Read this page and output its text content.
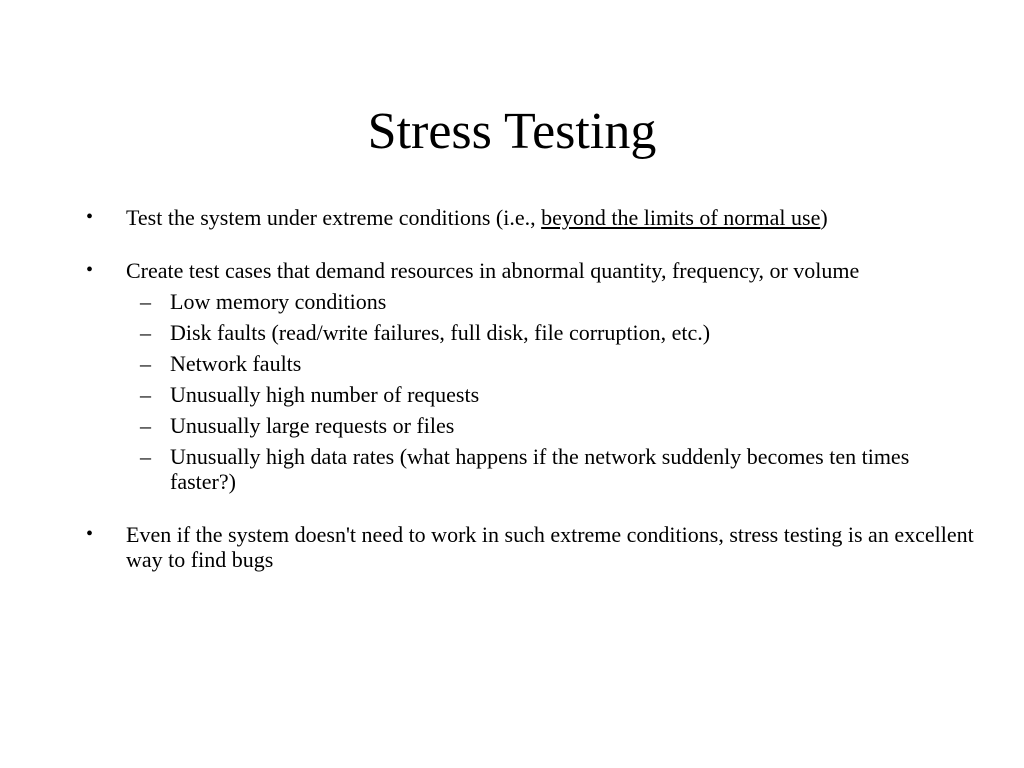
Stress Testing
• Test the system under extreme conditions (i.e., beyond the limits of normal use)
• Create test cases that demand resources in abnormal quantity, frequency, or volume
– Low memory conditions
– Disk faults (read/write failures, full disk, file corruption, etc.)
– Network faults
– Unusually high number of requests
– Unusually large requests or files
– Unusually high data rates (what happens if the network suddenly becomes ten times faster?)
• Even if the system doesn't need to work in such extreme conditions, stress testing is an excellent way to find bugs
